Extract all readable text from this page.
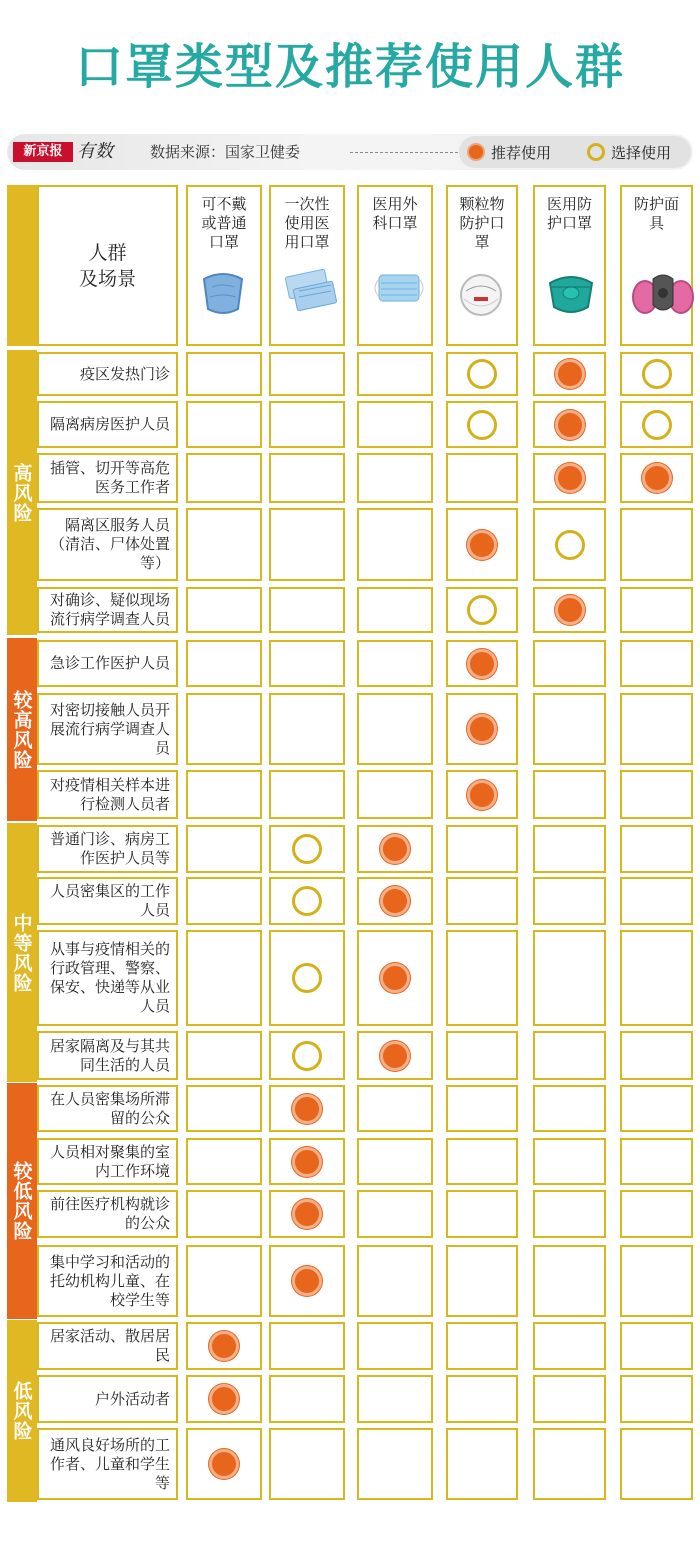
口罩类型及推荐使用人群
新京报 有数 数据来源：国家卫健委	推荐使用	选择使用
人群
及场景
可不戴或普通口罩
一次性使用医用口罩
医用外科口罩
颗粒物防护口罩
医用防护口罩
防护面具
疫区发热门诊
隔离病房医护人员
插管、切开等高危医务工作者
隔离区服务人员（清洁、尸体处置等）
对确诊、疑似现场流行病学调查人员
高风险
急诊工作医护人员
对密切接触人员开展流行病学调查人员
对疫情相关样本进行检测人员者
较高风险
普通门诊、病房工作医护人员等
人员密集区的工作人员
从事与疫情相关的行政管理、警察、保安、快递等从业人员
居家隔离及与其共同生活的人员
中等风险
在人员密集场所滞留的公众
人员相对聚集的室内工作环境
前往医疗机构就诊的公众
集中学习和活动的托幼机构儿童、在校学生等
较低风险
居家活动、散居居民
户外活动者
通风良好场所的工作者、儿童和学生等
低风险
